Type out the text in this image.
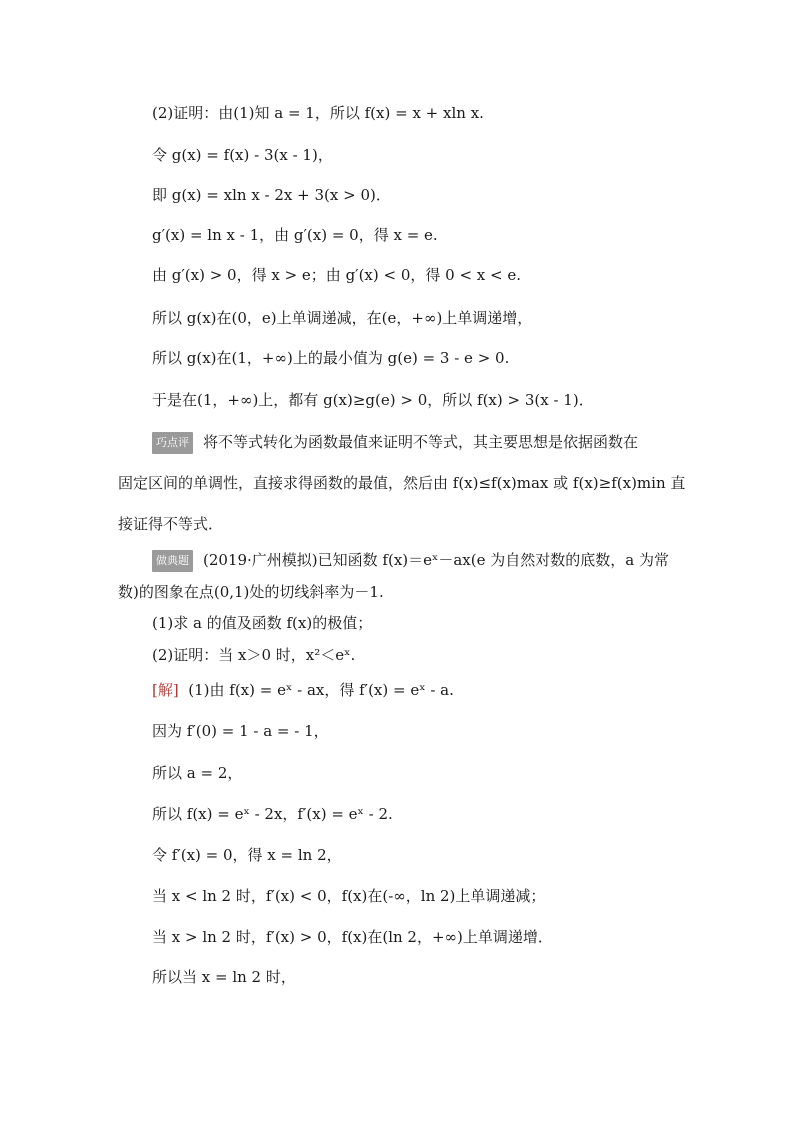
(2)证明：由(1)知 a = 1，所以 f(x) = x + xln x.
令 g(x) = f(x) - 3(x - 1)，
即 g(x) = xln x - 2x + 3(x > 0)．
g′(x) = ln x - 1，由 g′(x) = 0，得 x = e.
由 g′(x) > 0，得 x > e；由 g′(x) < 0，得 0 < x < e.
所以 g(x)在(0，e)上单调递减，在(e，+∞)上单调递增，
所以 g(x)在(1，+∞)上的最小值为 g(e) = 3 - e > 0.
于是在(1，+∞)上，都有 g(x)≥g(e) > 0，所以 f(x) > 3(x - 1)．
巧点评 将不等式转化为函数最值来证明不等式，其主要思想是依据函数在
固定区间的单调性，直接求得函数的最值，然后由 f(x)≤f(x)max 或 f(x)≥f(x)min 直
接证得不等式．
做典题 (2019·广州模拟)已知函数 f(x)＝eˣ－ax(e 为自然对数的底数，a 为常
数)的图象在点(0,1)处的切线斜率为－1.
(1)求 a 的值及函数 f(x)的极值；
(2)证明：当 x＞0 时，x²＜eˣ.
[解] (1)由 f(x) = eˣ - ax，得 f′(x) = eˣ - a.
因为 f′(0) = 1 - a = - 1，
所以 a = 2，
所以 f(x) = eˣ - 2x，f′(x) = eˣ - 2.
令 f′(x) = 0，得 x = ln 2，
当 x < ln 2 时，f′(x) < 0，f(x)在(-∞，ln 2)上单调递减；
当 x > ln 2 时，f′(x) > 0，f(x)在(ln 2，+∞)上单调递增．
所以当 x = ln 2 时，
